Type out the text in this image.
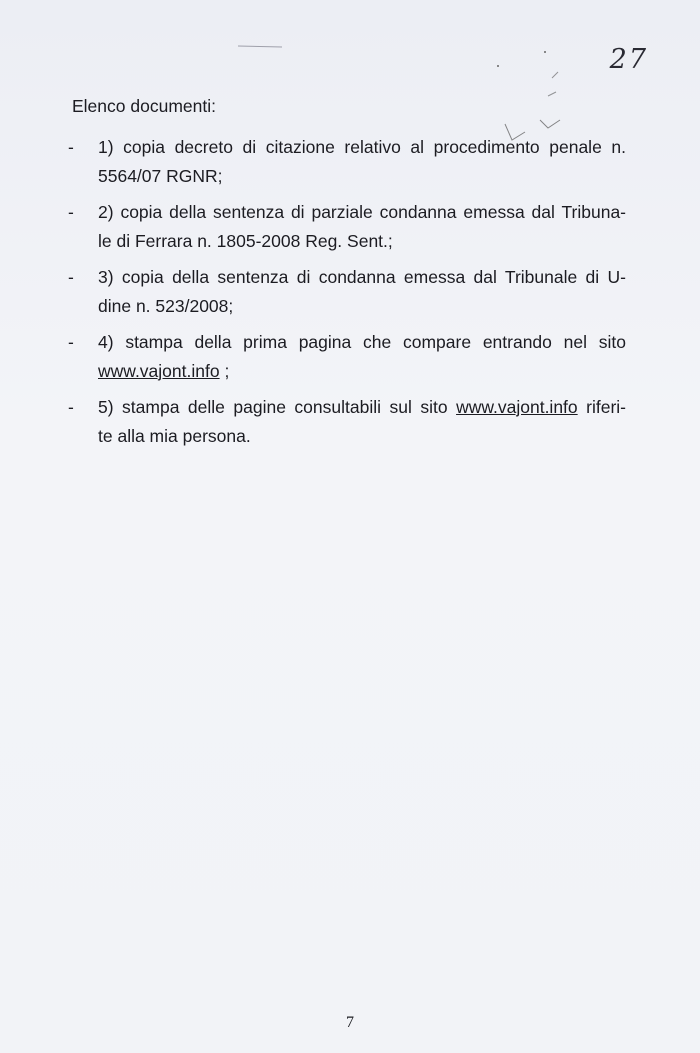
27
Elenco documenti:
- 1) copia decreto di citazione relativo al procedimento penale n.
5564/07 RGNR;
- 2) copia della sentenza di parziale condanna emessa dal Tribuna-
le di Ferrara n. 1805-2008 Reg. Sent.;
- 3) copia della sentenza di condanna emessa dal Tribunale di U-
dine n. 523/2008;
- 4) stampa della prima pagina che compare entrando nel sito
www.vajont.info ;
- 5) stampa delle pagine consultabili sul sito www.vajont.info riferi-
te alla mia persona.
7
